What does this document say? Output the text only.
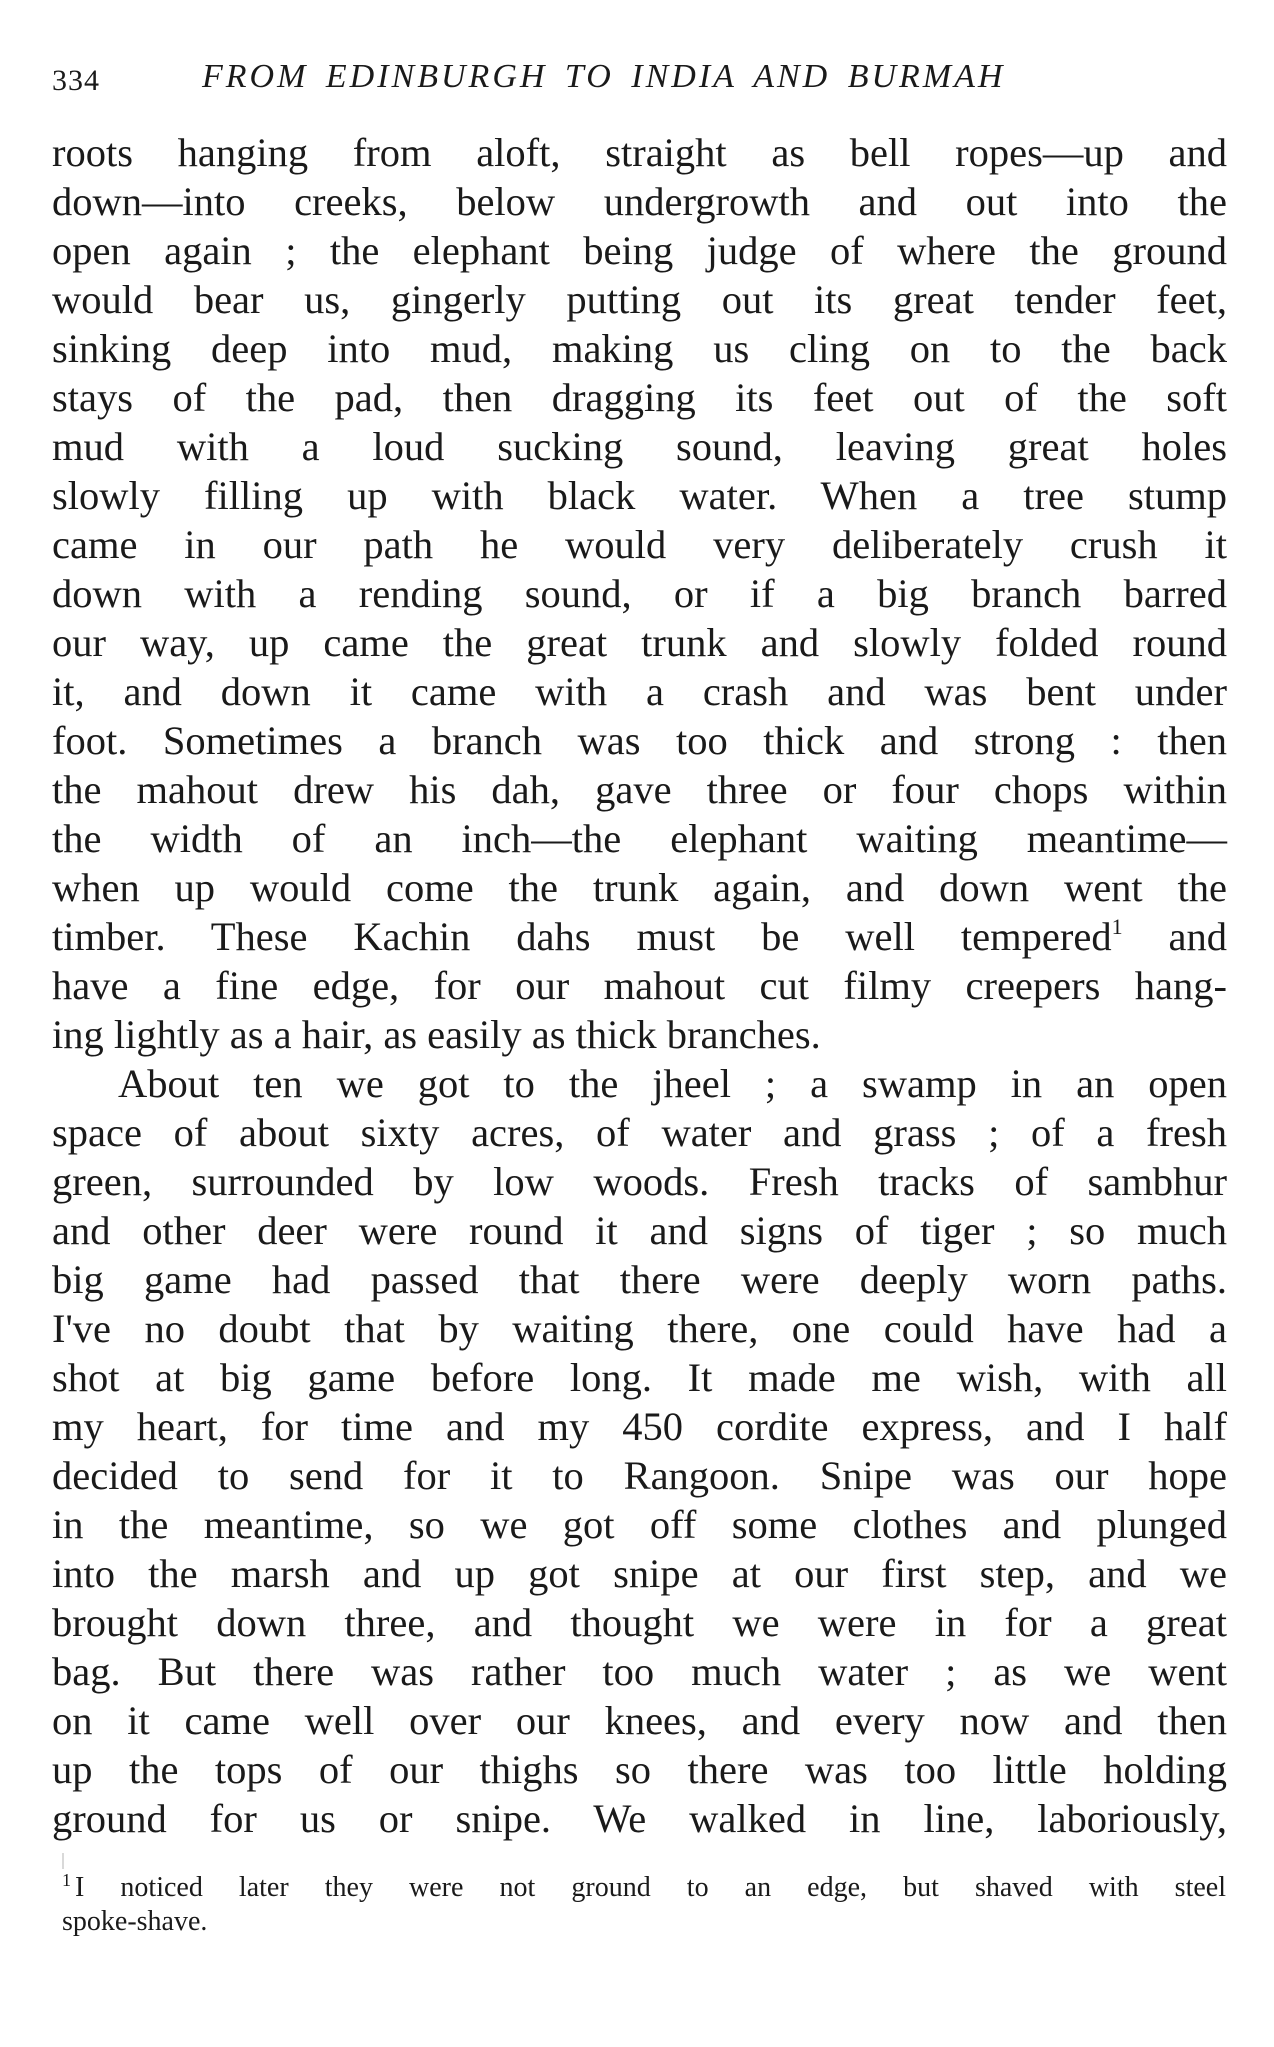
334	FROM EDINBURGH TO INDIA AND BURMAH
roots hanging from aloft, straight as bell ropes—up and
down—into creeks, below undergrowth and out into the
open again ; the elephant being judge of where the ground
would bear us, gingerly putting out its great tender feet,
sinking deep into mud, making us cling on to the back
stays of the pad, then dragging its feet out of the soft
mud with a loud sucking sound, leaving great holes
slowly filling up with black water. When a tree stump
came in our path he would very deliberately crush it
down with a rending sound, or if a big branch barred
our way, up came the great trunk and slowly folded round
it, and down it came with a crash and was bent under
foot. Sometimes a branch was too thick and strong : then
the mahout drew his dah, gave three or four chops within
the width of an inch—the elephant waiting meantime—
when up would come the trunk again, and down went the
timber. These Kachin dahs must be well tempered$^1$ and
have a fine edge, for our mahout cut filmy creepers hang-
ing lightly as a hair, as easily as thick branches.
About ten we got to the jheel ; a swamp in an open
space of about sixty acres, of water and grass ; of a fresh
green, surrounded by low woods. Fresh tracks of sambhur
and other deer were round it and signs of tiger ; so much
big game had passed that there were deeply worn paths.
I've no doubt that by waiting there, one could have had a
shot at big game before long. It made me wish, with all
my heart, for time and my 450 cordite express, and I half
decided to send for it to Rangoon. Snipe was our hope
in the meantime, so we got off some clothes and plunged
into the marsh and up got snipe at our first step, and we
brought down three, and thought we were in for a great
bag. But there was rather too much water ; as we went
on it came well over our knees, and every now and then
up the tops of our thighs so there was too little holding
ground for us or snipe. We walked in line, laboriously,
$^1$ I noticed later they were not ground to an edge, but shaved with steel
spoke-shave.
